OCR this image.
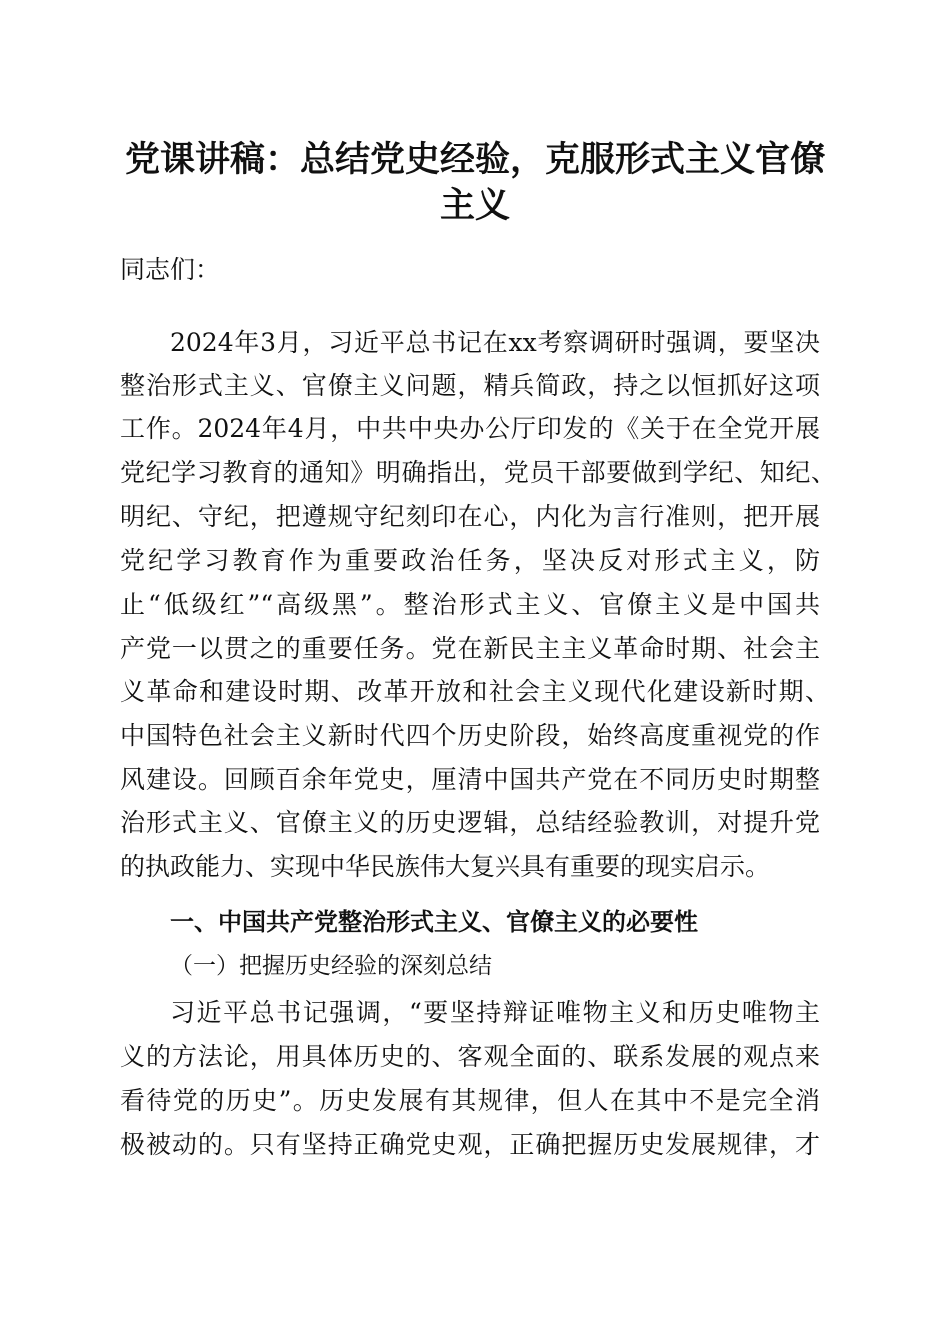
党课讲稿：总结党史经验，克服形式主义官僚
主义

同志们：

2024年3月，习近平总书记在xx考察调研时强调，要坚决

整治形式主义、官僚主义问题，精兵简政，持之以恒抓好这项

工作。2024年4月，中共中央办公厅印发的《关于在全党开展

党纪学习教育的通知》明确指出，党员干部要做到学纪、知纪、

明纪、守纪，把遵规守纪刻印在心，内化为言行准则，把开展

党纪学习教育作为重要政治任务，坚决反对形式主义，防

止“低级红”“高级黑”。整治形式主义、官僚主义是中国共

产党一以贯之的重要任务。党在新民主主义革命时期、社会主

义革命和建设时期、改革开放和社会主义现代化建设新时期、

中国特色社会主义新时代四个历史阶段，始终高度重视党的作

风建设。回顾百余年党史，厘清中国共产党在不同历史时期整

治形式主义、官僚主义的历史逻辑，总结经验教训，对提升党

的执政能力、实现中华民族伟大复兴具有重要的现实启示。

一、中国共产党整治形式主义、官僚主义的必要性

（一）把握历史经验的深刻总结

习近平总书记强调，“要坚持辩证唯物主义和历史唯物主

义的方法论，用具体历史的、客观全面的、联系发展的观点来

看待党的历史”。历史发展有其规律，但人在其中不是完全消

极被动的。只有坚持正确党史观，正确把握历史发展规律，才
